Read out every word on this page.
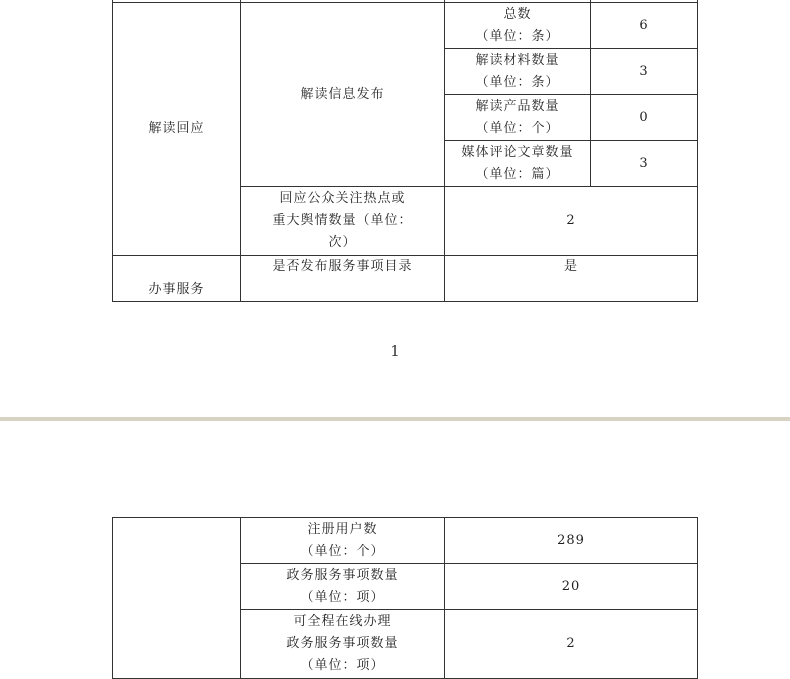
解读回应	解读信息发布	总数
（单位：条）	6

		解读材料数量
（单位：条）	3

		解读产品数量
（单位：个）	0

		媒体评论文章数量
（单位：篇）	3

	回应公众关注热点或
重大舆情数量（单位：
次）	2	
办事服务	是否发布服务事项目录	是	
1

	注册用户数
（单位：个）	289

	政务服务事项数量
（单位：项）	20

	可全程在线办理
政务服务事项数量
（单位：项）	2
